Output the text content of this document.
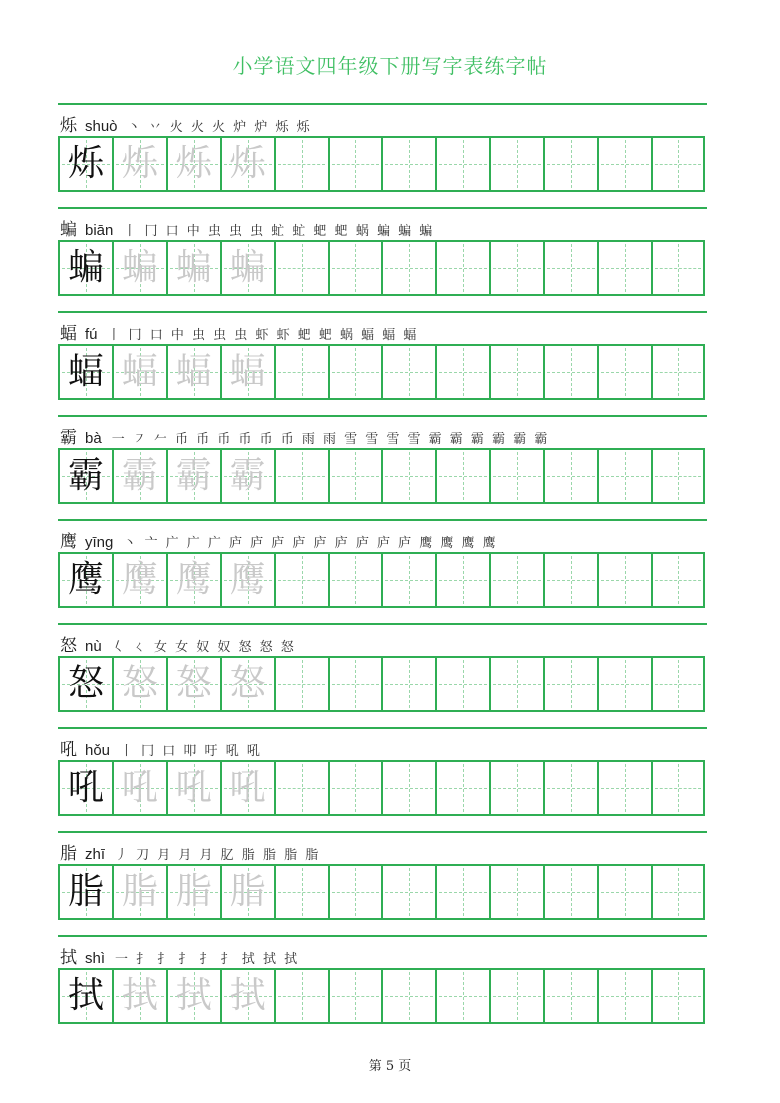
小学语文四年级下册写字表练字帖
烁 shuò 丶 丷 火 火 火 炉 炉 烁 烁
烁 烁 烁 烁
蝙 biān 丨 冂 口 中 虫 虫 虫 虻 虻 蚆 蚆 蜗 蝙 蝙 蝙
蝙 蝙 蝙 蝙
蝠 fú 丨 冂 口 中 虫 虫 虫 虾 虾 蚆 蚆 蜗 蝠 蝠 蝠
蝠 蝠 蝠 蝠
霸 bà 一 ㇇ 𠂉 币 币 币 币 币 币 雨 雨 雪 雪 雪 雪 霸 霸 霸 霸 霸 霸
霸 霸 霸 霸
鹰 yīng 丶 亠 广 广 广 庐 庐 庐 庐 庐 庐 庐 庐 庐 鹰 鹰 鹰 鹰
鹰 鹰 鹰 鹰
怒 nù 𡿨 ㄑ 女 女 奴 奴 怒 怒 怒
怒 怒 怒 怒
吼 hǒu 丨 冂 口 叩 吁 吼 吼
吼 吼 吼 吼
脂 zhī 丿 刀 月 月 月 肊 脂 脂 脂 脂
脂 脂 脂 脂
拭 shì 一 扌 扌 扌 扌 扌 拭 拭 拭
拭 拭 拭 拭
第 5 页
